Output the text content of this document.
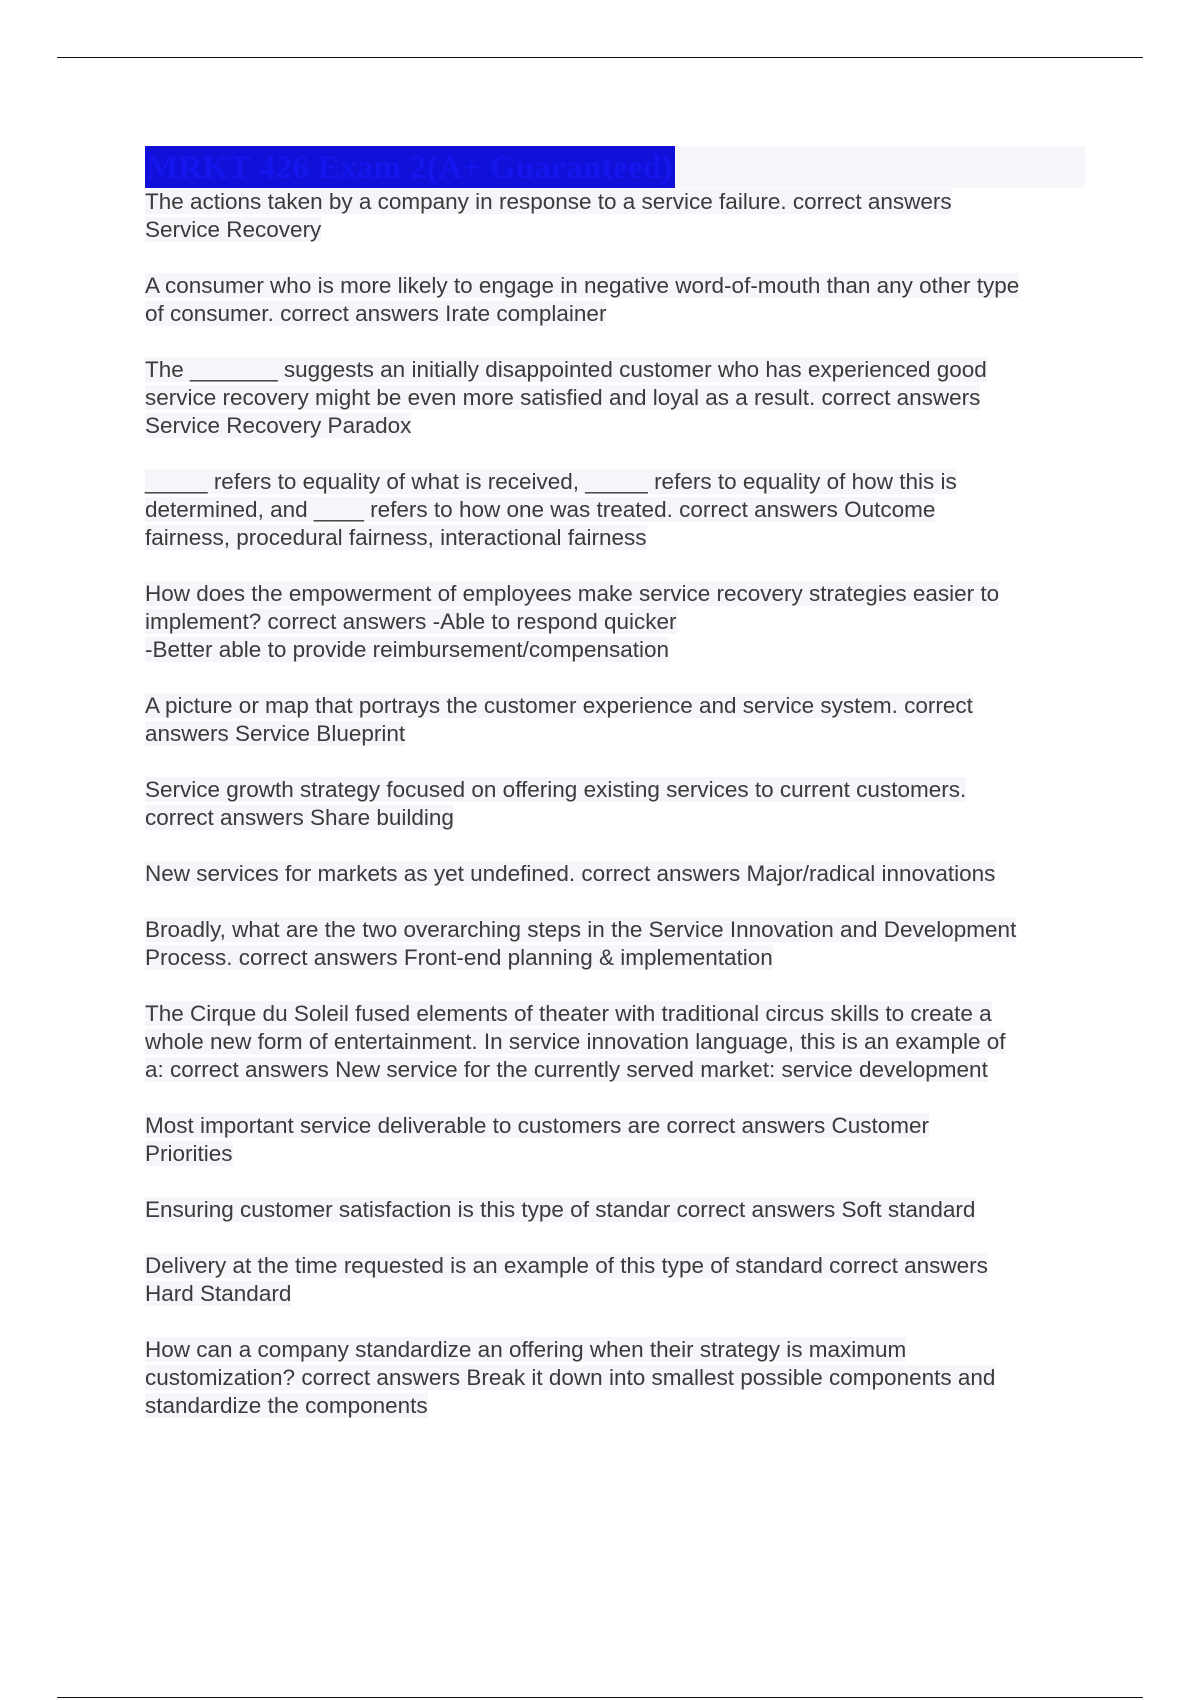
MRKT 426 Exam 2(A+ Guaranteed)
The actions taken by a company in response to a service failure. correct answers
Service Recovery
A consumer who is more likely to engage in negative word-of-mouth than any other type
of consumer. correct answers Irate complainer
The _______ suggests an initially disappointed customer who has experienced good
service recovery might be even more satisfied and loyal as a result. correct answers
Service Recovery Paradox
_____ refers to equality of what is received, _____ refers to equality of how this is
determined, and ____ refers to how one was treated. correct answers Outcome
fairness, procedural fairness, interactional fairness
How does the empowerment of employees make service recovery strategies easier to
implement? correct answers -Able to respond quicker
-Better able to provide reimbursement/compensation
A picture or map that portrays the customer experience and service system. correct
answers Service Blueprint
Service growth strategy focused on offering existing services to current customers.
correct answers Share building
New services for markets as yet undefined. correct answers Major/radical innovations
Broadly, what are the two overarching steps in the Service Innovation and Development
Process. correct answers Front-end planning & implementation
The Cirque du Soleil fused elements of theater with traditional circus skills to create a
whole new form of entertainment. In service innovation language, this is an example of
a: correct answers New service for the currently served market: service development
Most important service deliverable to customers are correct answers Customer
Priorities
Ensuring customer satisfaction is this type of standar correct answers Soft standard
Delivery at the time requested is an example of this type of standard correct answers
Hard Standard
How can a company standardize an offering when their strategy is maximum
customization? correct answers Break it down into smallest possible components and
standardize the components
